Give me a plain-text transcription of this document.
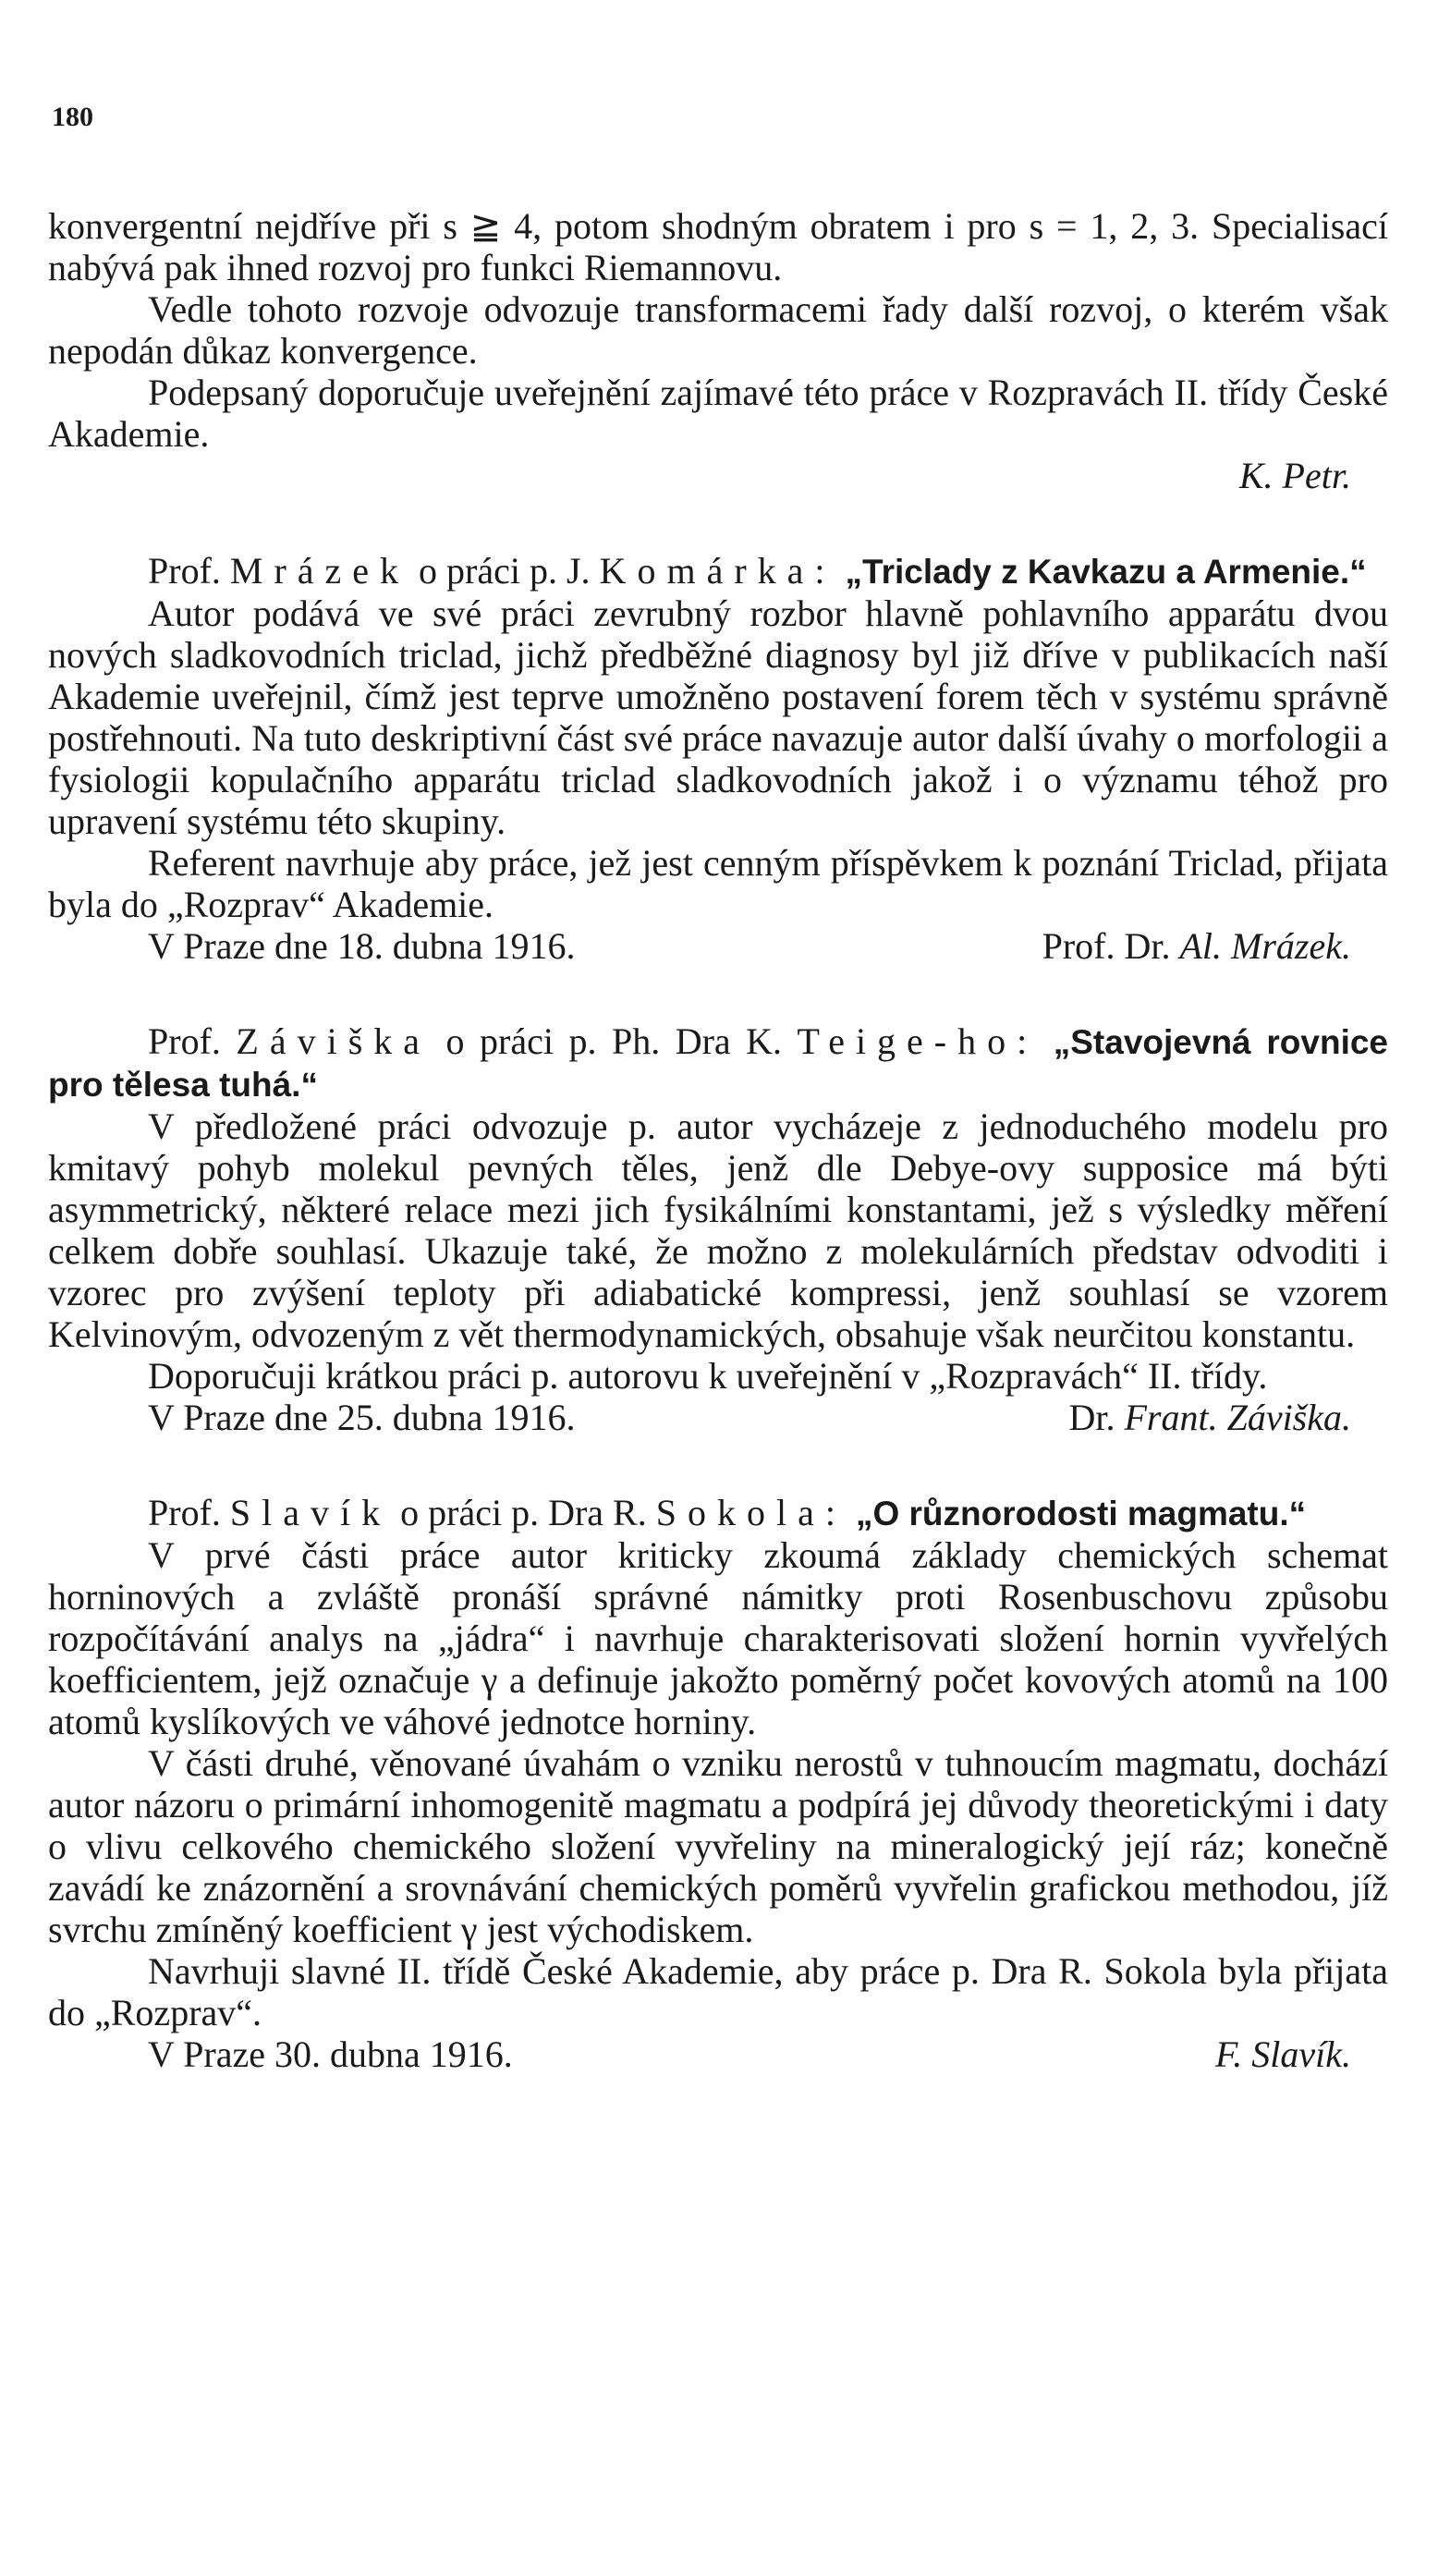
180

konvergentní nejdříve při s ≧ 4, potom shodným obratem i pro s = 1, 2, 3. Specialisací nabývá pak ihned rozvoj pro funkci Riemannovu.

Vedle tohoto rozvoje odvozuje transformacemi řady další rozvoj, o kterém však nepodán důkaz konvergence.

Podepsaný doporučuje uveřejnění zajímavé této práce v Rozpravách II. třídy České Akademie.

K. Petr.

Prof. Mrázek o práci p. J. Komárka: „Triclady z Kavkazu a Armenie.“

Autor podává ve své práci zevrubný rozbor hlavně pohlavního apparátu dvou nových sladkovodních triclad, jichž předběžné diagnosy byl již dříve v publikacích naší Akademie uveřejnil, čímž jest teprve umožněno postavení forem těch v systému správně postřehnouti. Na tuto deskriptivní část své práce navazuje autor další úvahy o morfologii a fysiologii kopulačního apparátu triclad sladkovodních jakož i o významu téhož pro upravení systému této skupiny.

Referent navrhuje aby práce, jež jest cenným příspěvkem k poznání Triclad, přijata byla do „Rozprav“ Akademie.

V Praze dne 18. dubna 1916.	Prof. Dr. Al. Mrázek.

Prof. Záviška o práci p. Ph. Dra K. Teige-ho: „Stavojevná rovnice pro tělesa tuhá.“

V předložené práci odvozuje p. autor vycházeje z jednoduchého modelu pro kmitavý pohyb molekul pevných těles, jenž dle Debye-ovy supposice má býti asymmetrický, některé relace mezi jich fysikálními konstantami, jež s výsledky měření celkem dobře souhlasí. Ukazuje také, že možno z molekulárních představ odvoditi i vzorec pro zvýšení teploty při adiabatické kompressi, jenž souhlasí se vzorem Kelvinovým, odvozeným z vět thermodynamických, obsahuje však neurčitou konstantu.

Doporučuji krátkou práci p. autorovu k uveřejnění v „Rozpravách“ II. třídy.

V Praze dne 25. dubna 1916.	Dr. Frant. Záviška.

Prof. Slavík o práci p. Dra R. Sokola: „O různorodosti magmatu.“

V prvé části práce autor kriticky zkoumá základy chemických schemat horninových a zvláště pronáší správné námitky proti Rosenbuschovu způsobu rozpočítávání analys na „jádra“ i navrhuje charakterisovati složení hornin vyvřelých koefficientem, jejž označuje γ a definuje jakožto poměrný počet kovových atomů na 100 atomů kyslíkových ve váhové jednotce horniny.

V části druhé, věnované úvahám o vzniku nerostů v tuhnoucím magmatu, dochází autor názoru o primární inhomogenitě magmatu a podpírá jej důvody theoretickými i daty o vlivu celkového chemického složení vyvřeliny na mineralogický její ráz; konečně zavádí ke znázornění a srovnávání chemických poměrů vyvřelin grafickou methodou, jíž svrchu zmíněný koefficient γ jest východiskem.

Navrhuji slavné II. třídě České Akademie, aby práce p. Dra R. Sokola byla přijata do „Rozprav“.

V Praze 30. dubna 1916.	F. Slavík.
